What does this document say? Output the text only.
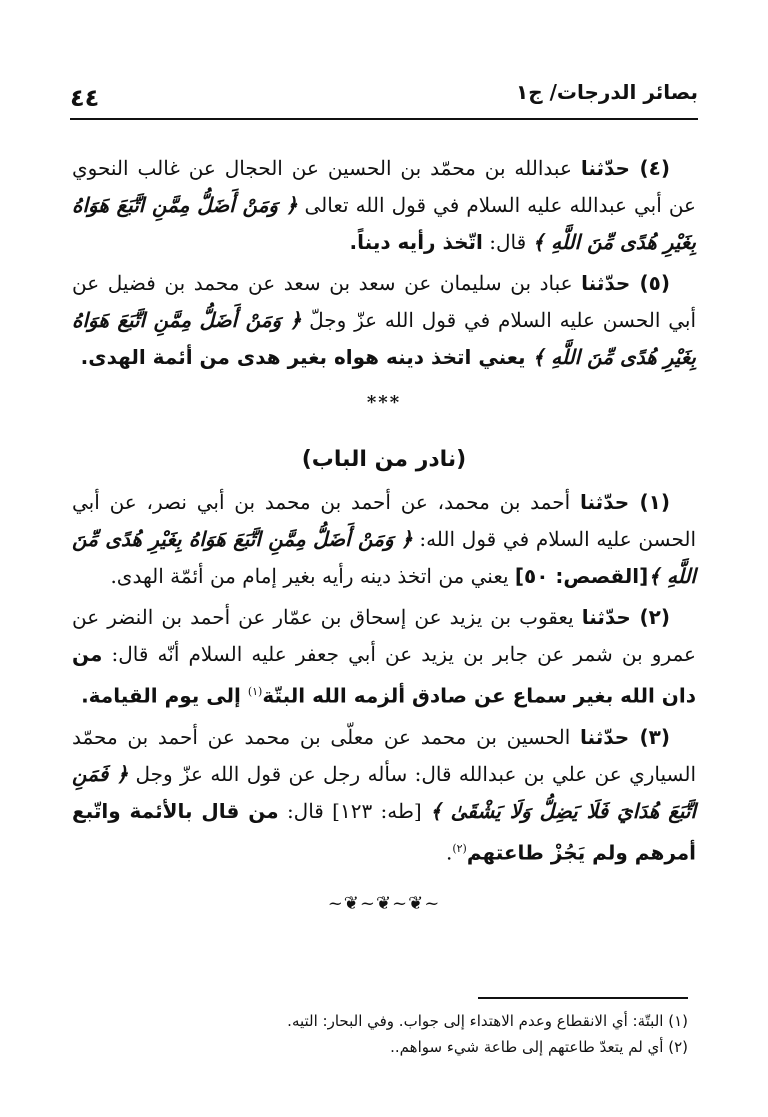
بصائر الدرجات/ ج١
٤٤

(٤) حدّثنا عبدالله بن محمّد بن الحسين عن الحجال عن غالب النحوي عن أبي عبدالله عليه السلام في قول الله تعالى ﴿ وَمَنْ أَضَلُّ مِمَّنِ اتَّبَعَ هَوَاهُ بِغَيْرِ هُدًى مِّنَ اللَّهِ ﴾ قال: اتّخذ رأيه ديناً.

(٥) حدّثنا عباد بن سليمان عن سعد بن سعد عن محمد بن فضيل عن أبي الحسن عليه السلام في قول الله عزّ وجلّ ﴿ وَمَنْ أَضَلُّ مِمَّنِ اتَّبَعَ هَوَاهُ بِغَيْرِ هُدًى مِّنَ اللَّهِ ﴾ يعني اتخذ دينه هواه بغير هدى من أئمة الهدى.

***
(نادر من الباب)

(١) حدّثنا أحمد بن محمد، عن أحمد بن محمد بن أبي نصر، عن أبي الحسن عليه السلام في قول الله: ﴿ وَمَنْ أَضَلُّ مِمَّنِ اتَّبَعَ هَوَاهُ بِغَيْرِ هُدًى مِّنَ اللَّهِ ﴾[القصص: ٥٠] يعني من اتخذ دينه رأيه بغير إمام من أئمّة الهدى.

(٢) حدّثنا يعقوب بن يزيد عن إسحاق بن عمّار عن أحمد بن النضر عن عمرو بن شمر عن جابر بن يزيد عن أبي جعفر عليه السلام أنّه قال: من دان الله بغير سماع عن صادق ألزمه الله البتّة$^{(١)}$ إلى يوم القيامة.

(٣) حدّثنا الحسين بن محمد عن معلّى بن محمد عن أحمد بن محمّد السياري عن علي بن عبدالله قال: سأله رجل عن قول الله عزّ وجل ﴿ فَمَنِ اتَّبَعَ هُدَايَ فَلَا يَضِلُّ وَلَا يَشْقَىٰ ﴾ [طه: ١٢٣] قال: من قال بالأئمة واتّبع أمرهم ولم يَجُزْ طاعتهم$^{(٢)}$.

~❦~❦~❦~
(١) البتّة: أي الانقطاع وعدم الاهتداء إلى جواب. وفي البحار: التيه.
(٢) أي لم يتعدّ طاعتهم إلى طاعة شيء سواهم..
